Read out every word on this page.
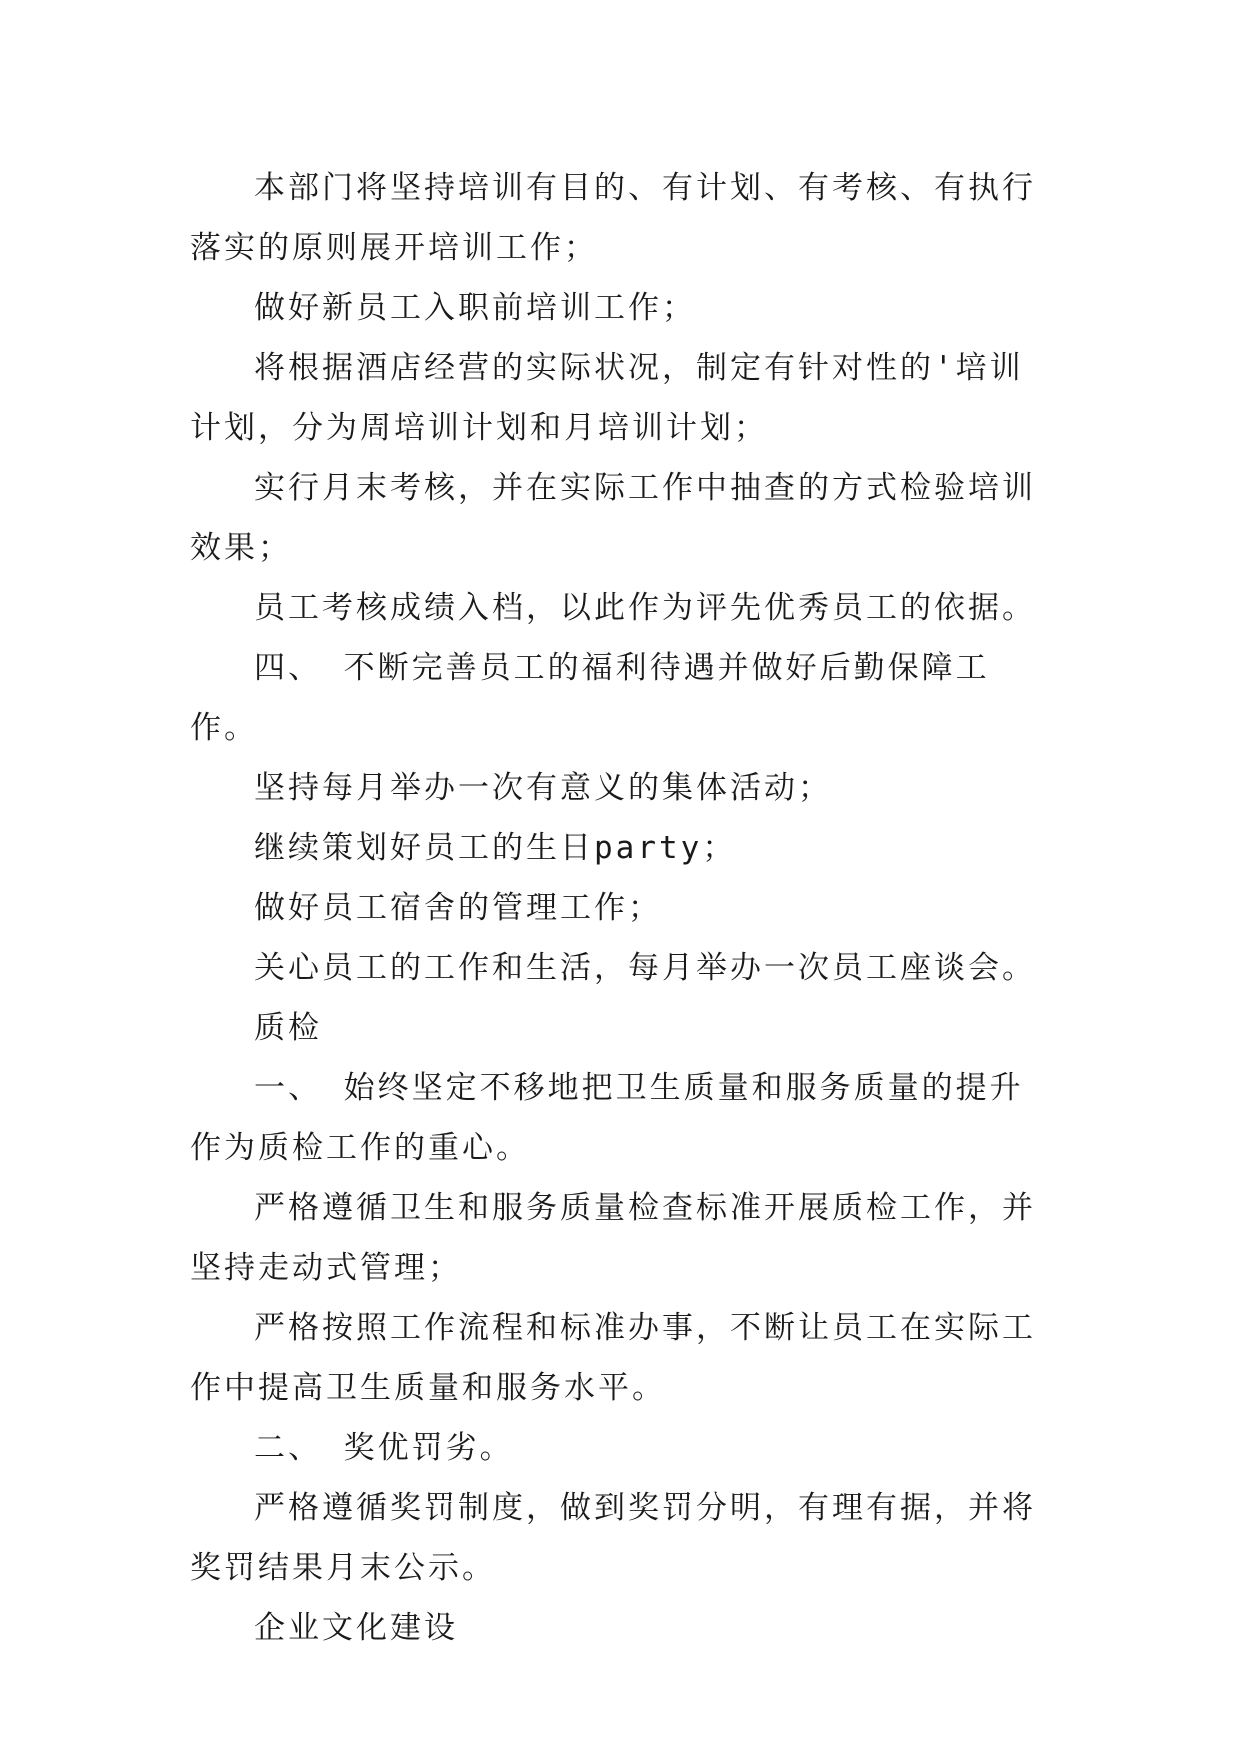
本部门将坚持培训有目的、有计划、有考核、有执行落实的原则展开培训工作；

做好新员工入职前培训工作；

将根据酒店经营的实际状况，制定有针对性的'培训计划，分为周培训计划和月培训计划；

实行月末考核，并在实际工作中抽查的方式检验培训效果；

员工考核成绩入档，以此作为评先优秀员工的依据。

四、 不断完善员工的福利待遇并做好后勤保障工作。

坚持每月举办一次有意义的集体活动；

继续策划好员工的生日party；

做好员工宿舍的管理工作；

关心员工的工作和生活，每月举办一次员工座谈会。

质检

一、 始终坚定不移地把卫生质量和服务质量的提升作为质检工作的重心。

严格遵循卫生和服务质量检查标准开展质检工作，并坚持走动式管理；

严格按照工作流程和标准办事，不断让员工在实际工作中提高卫生质量和服务水平。

二、 奖优罚劣。

严格遵循奖罚制度，做到奖罚分明，有理有据，并将奖罚结果月末公示。

企业文化建设
